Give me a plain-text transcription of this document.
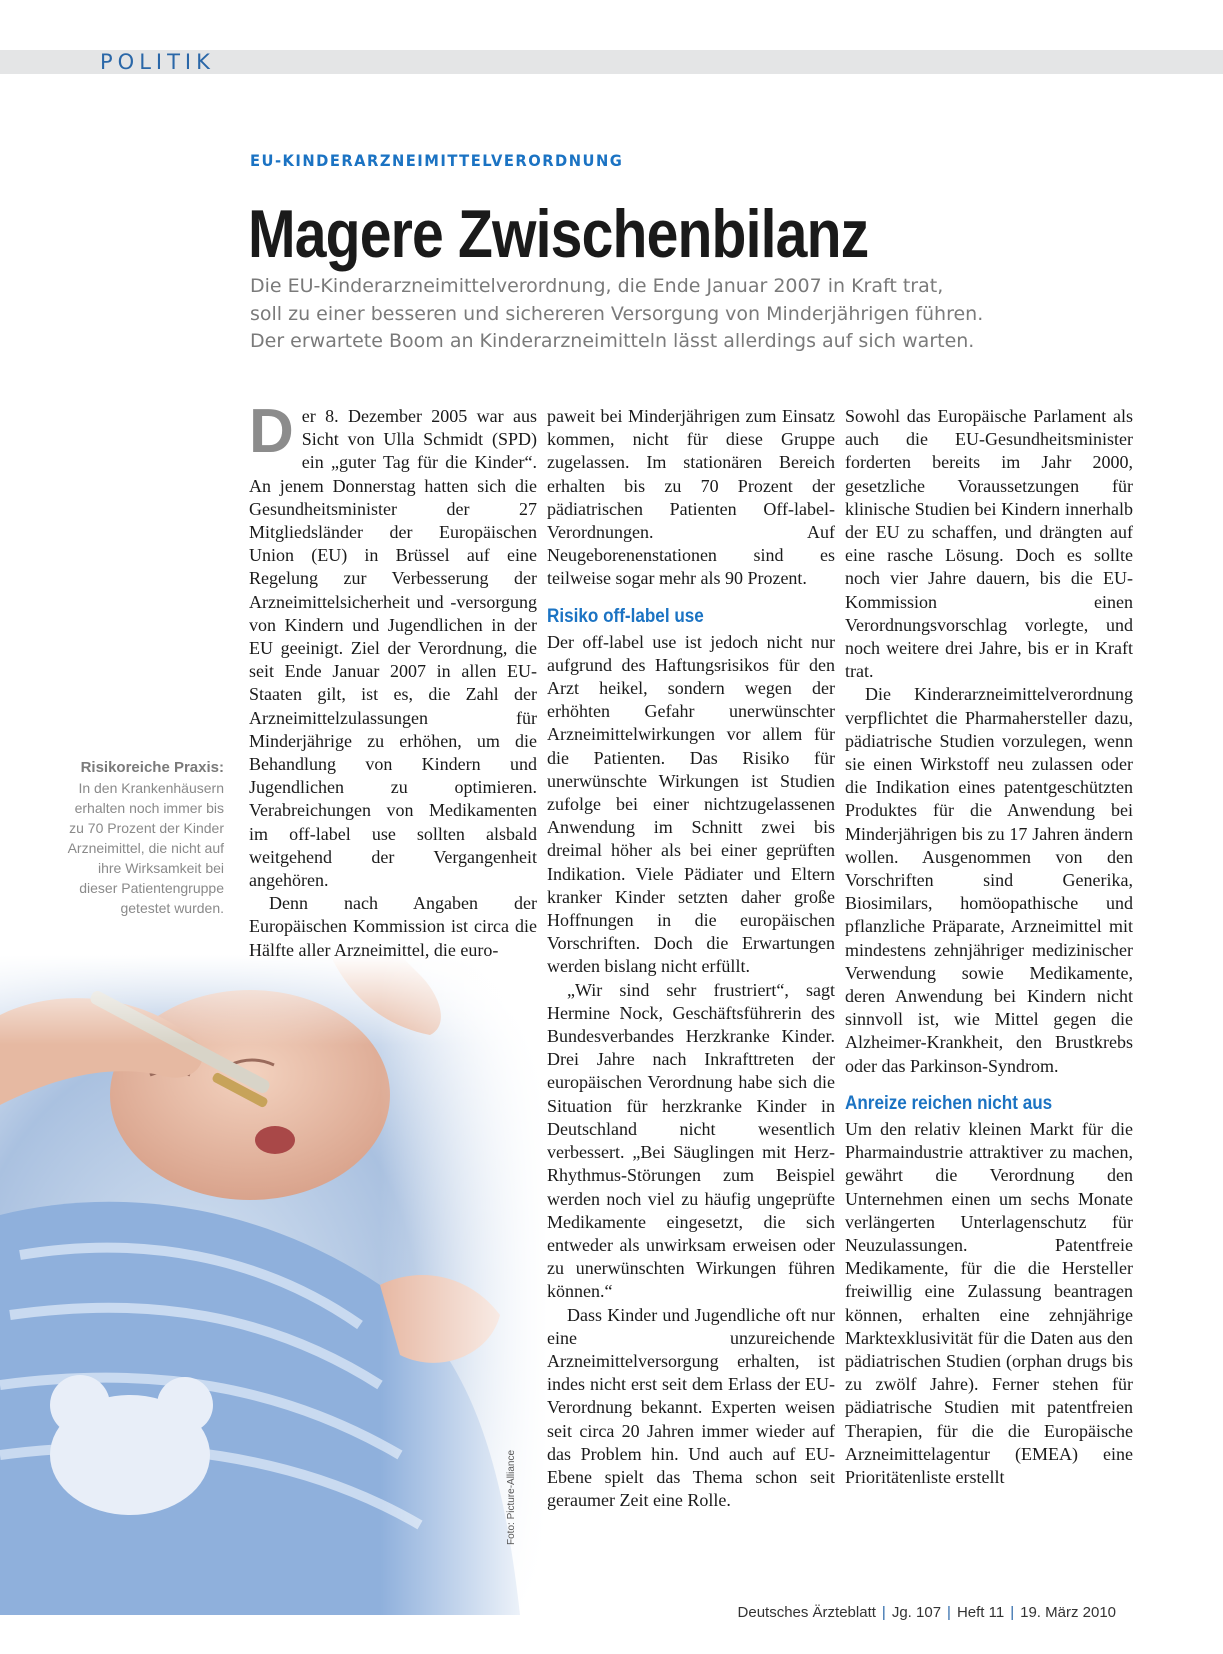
POLITIK
EU-KINDERARZNEIMITTELVERORDNUNG
Magere Zwischenbilanz
Die EU-Kinderarzneimittelverordnung, die Ende Januar 2007 in Kraft trat,
soll zu einer besseren und sichereren Versorgung von Minderjährigen führen.
Der erwartete Boom an Kinderarzneimitteln lässt allerdings auf sich warten.
Risikoreiche Praxis:
In den Krankenhäusern erhalten noch immer bis zu 70 Prozent der Kinder Arzneimittel, die nicht auf ihre Wirksamkeit bei dieser Patientengruppe getestet wurden.
Foto: Picture-Alliance

Der 8. Dezember 2005 war aus Sicht von Ulla Schmidt (SPD) ein „guter Tag für die Kinder“. An jenem Donnerstag hatten sich die Gesundheitsminister der 27 Mitgliedsländer der Europäischen Union (EU) in Brüssel auf eine Regelung zur Verbesserung der Arzneimittelsicherheit und -versorgung von Kindern und Jugendlichen in der EU geeinigt. Ziel der Verordnung, die seit Ende Januar 2007 in allen EU-Staaten gilt, ist es, die Zahl der Arzneimittelzulassungen für Minderjährige zu erhöhen, um die Behandlung von Kindern und Jugendlichen zu optimieren. Verabreichungen von Medikamenten im off-label use sollten alsbald weitgehend der Vergangenheit angehören.

Denn nach Angaben der Europäischen Kommission ist circa die Hälfte aller Arzneimittel, die euro-

paweit bei Minderjährigen zum Einsatz kommen, nicht für diese Gruppe zugelassen. Im stationären Bereich erhalten bis zu 70 Prozent der pädiatrischen Patienten Off-label-Verordnungen. Auf Neugeborenenstationen sind es teilweise sogar mehr als 90 Prozent.

Risiko off-label use

Der off-label use ist jedoch nicht nur aufgrund des Haftungsrisikos für den Arzt heikel, sondern wegen der erhöhten Gefahr unerwünschter Arzneimittelwirkungen vor allem für die Patienten. Das Risiko für unerwünschte Wirkungen ist Studien zufolge bei einer nichtzugelassenen Anwendung im Schnitt zwei bis dreimal höher als bei einer geprüften Indikation. Viele Pädiater und Eltern kranker Kinder setzten daher große Hoffnungen in die europäischen Vorschriften. Doch die Erwartungen werden bislang nicht erfüllt.

„Wir sind sehr frustriert“, sagt Hermine Nock, Geschäftsführerin des Bundesverbandes Herzkranke Kinder. Drei Jahre nach Inkrafttreten der europäischen Verordnung habe sich die Situation für herzkranke Kinder in Deutschland nicht wesentlich verbessert. „Bei Säuglingen mit Herz-Rhythmus-Störungen zum Beispiel werden noch viel zu häufig ungeprüfte Medikamente eingesetzt, die sich entweder als unwirksam erweisen oder zu unerwünschten Wirkungen führen können.“

Dass Kinder und Jugendliche oft nur eine unzureichende Arzneimittelversorgung erhalten, ist indes nicht erst seit dem Erlass der EU-Verordnung bekannt. Experten weisen seit circa 20 Jahren immer wieder auf das Problem hin. Und auch auf EU-Ebene spielt das Thema schon seit geraumer Zeit eine Rolle.

Sowohl das Europäische Parlament als auch die EU-Gesundheitsminister forderten bereits im Jahr 2000, gesetzliche Voraussetzungen für klinische Studien bei Kindern innerhalb der EU zu schaffen, und drängten auf eine rasche Lösung. Doch es sollte noch vier Jahre dauern, bis die EU-Kommission einen Verordnungsvorschlag vorlegte, und noch weitere drei Jahre, bis er in Kraft trat.

Die Kinderarzneimittelverordnung verpflichtet die Pharmahersteller dazu, pädiatrische Studien vorzulegen, wenn sie einen Wirkstoff neu zulassen oder die Indikation eines patentgeschützten Produktes für die Anwendung bei Minderjährigen bis zu 17 Jahren ändern wollen. Ausgenommen von den Vorschriften sind Generika, Biosimilars, homöopathische und pflanzliche Präparate, Arzneimittel mit mindestens zehnjähriger medizinischer Verwendung sowie Medikamente, deren Anwendung bei Kindern nicht sinnvoll ist, wie Mittel gegen die Alzheimer-Krankheit, den Brustkrebs oder das Parkinson-Syndrom.

Anreize reichen nicht aus

Um den relativ kleinen Markt für die Pharmaindustrie attraktiver zu machen, gewährt die Verordnung den Unternehmen einen um sechs Monate verlängerten Unterlagenschutz für Neuzulassungen. Patentfreie Medikamente, für die die Hersteller freiwillig eine Zulassung beantragen können, erhalten eine zehnjährige Marktexklusivität für die Daten aus den pädiatrischen Studien (orphan drugs bis zu zwölf Jahre). Ferner stehen für pädiatrische Studien mit patentfreien Therapien, für die die Europäische Arzneimittelagentur (EMEA) eine Prioritätenliste erstellt

Deutsches Ärzteblatt | Jg. 107 | Heft 11 | 19. März 2010
